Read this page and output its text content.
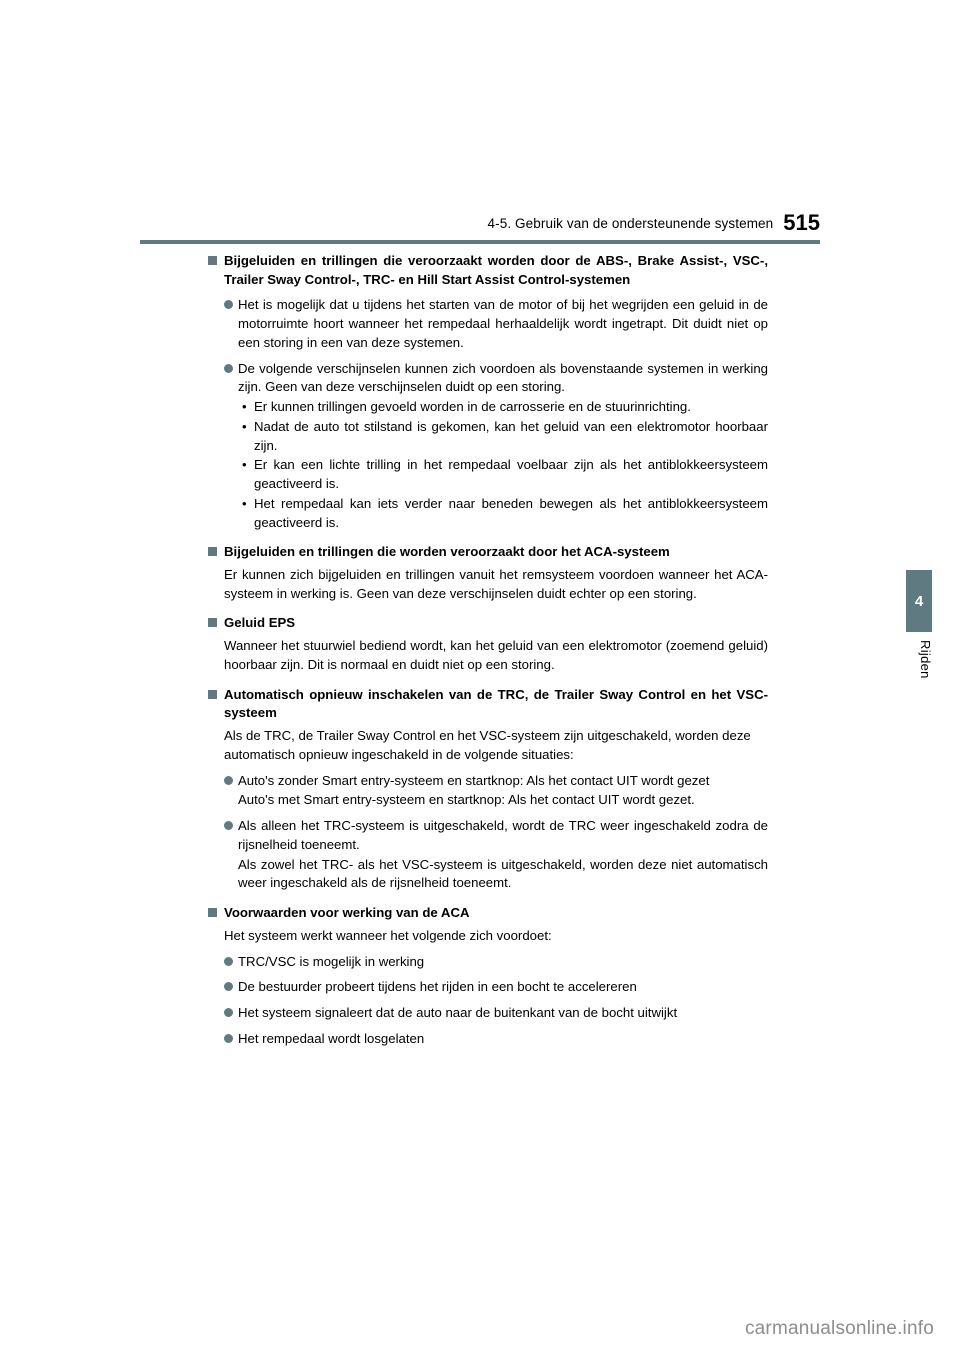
4-5. Gebruik van de ondersteunende systemen 515
4
Rijden
Bijgeluiden en trillingen die veroorzaakt worden door de ABS-, Brake Assist-, VSC-, Trailer Sway Control-, TRC- en Hill Start Assist Control-systemen
Het is mogelijk dat u tijdens het starten van de motor of bij het wegrijden een geluid in de motorruimte hoort wanneer het rempedaal herhaaldelijk wordt ingetrapt. Dit duidt niet op een storing in een van deze systemen.
De volgende verschijnselen kunnen zich voordoen als bovenstaande systemen in werking zijn. Geen van deze verschijnselen duidt op een storing.
• Er kunnen trillingen gevoeld worden in de carrosserie en de stuurinrichting.
• Nadat de auto tot stilstand is gekomen, kan het geluid van een elektromotor hoorbaar zijn.
• Er kan een lichte trilling in het rempedaal voelbaar zijn als het antiblokkeersysteem geactiveerd is.
• Het rempedaal kan iets verder naar beneden bewegen als het antiblokkeersysteem geactiveerd is.
Bijgeluiden en trillingen die worden veroorzaakt door het ACA-systeem
Er kunnen zich bijgeluiden en trillingen vanuit het remsysteem voordoen wanneer het ACA-systeem in werking is. Geen van deze verschijnselen duidt echter op een storing.
Geluid EPS
Wanneer het stuurwiel bediend wordt, kan het geluid van een elektromotor (zoemend geluid) hoorbaar zijn. Dit is normaal en duidt niet op een storing.
Automatisch opnieuw inschakelen van de TRC, de Trailer Sway Control en het VSC-systeem
Als de TRC, de Trailer Sway Control en het VSC-systeem zijn uitgeschakeld, worden deze automatisch opnieuw ingeschakeld in de volgende situaties:
Auto's zonder Smart entry-systeem en startknop: Als het contact UIT wordt gezet
Auto's met Smart entry-systeem en startknop: Als het contact UIT wordt gezet.
Als alleen het TRC-systeem is uitgeschakeld, wordt de TRC weer ingeschakeld zodra de rijsnelheid toeneemt.
Als zowel het TRC- als het VSC-systeem is uitgeschakeld, worden deze niet automatisch weer ingeschakeld als de rijsnelheid toeneemt.
Voorwaarden voor werking van de ACA
Het systeem werkt wanneer het volgende zich voordoet:
TRC/VSC is mogelijk in werking
De bestuurder probeert tijdens het rijden in een bocht te accelereren
Het systeem signaleert dat de auto naar de buitenkant van de bocht uitwijkt
Het rempedaal wordt losgelaten
carmanualsonline.info
